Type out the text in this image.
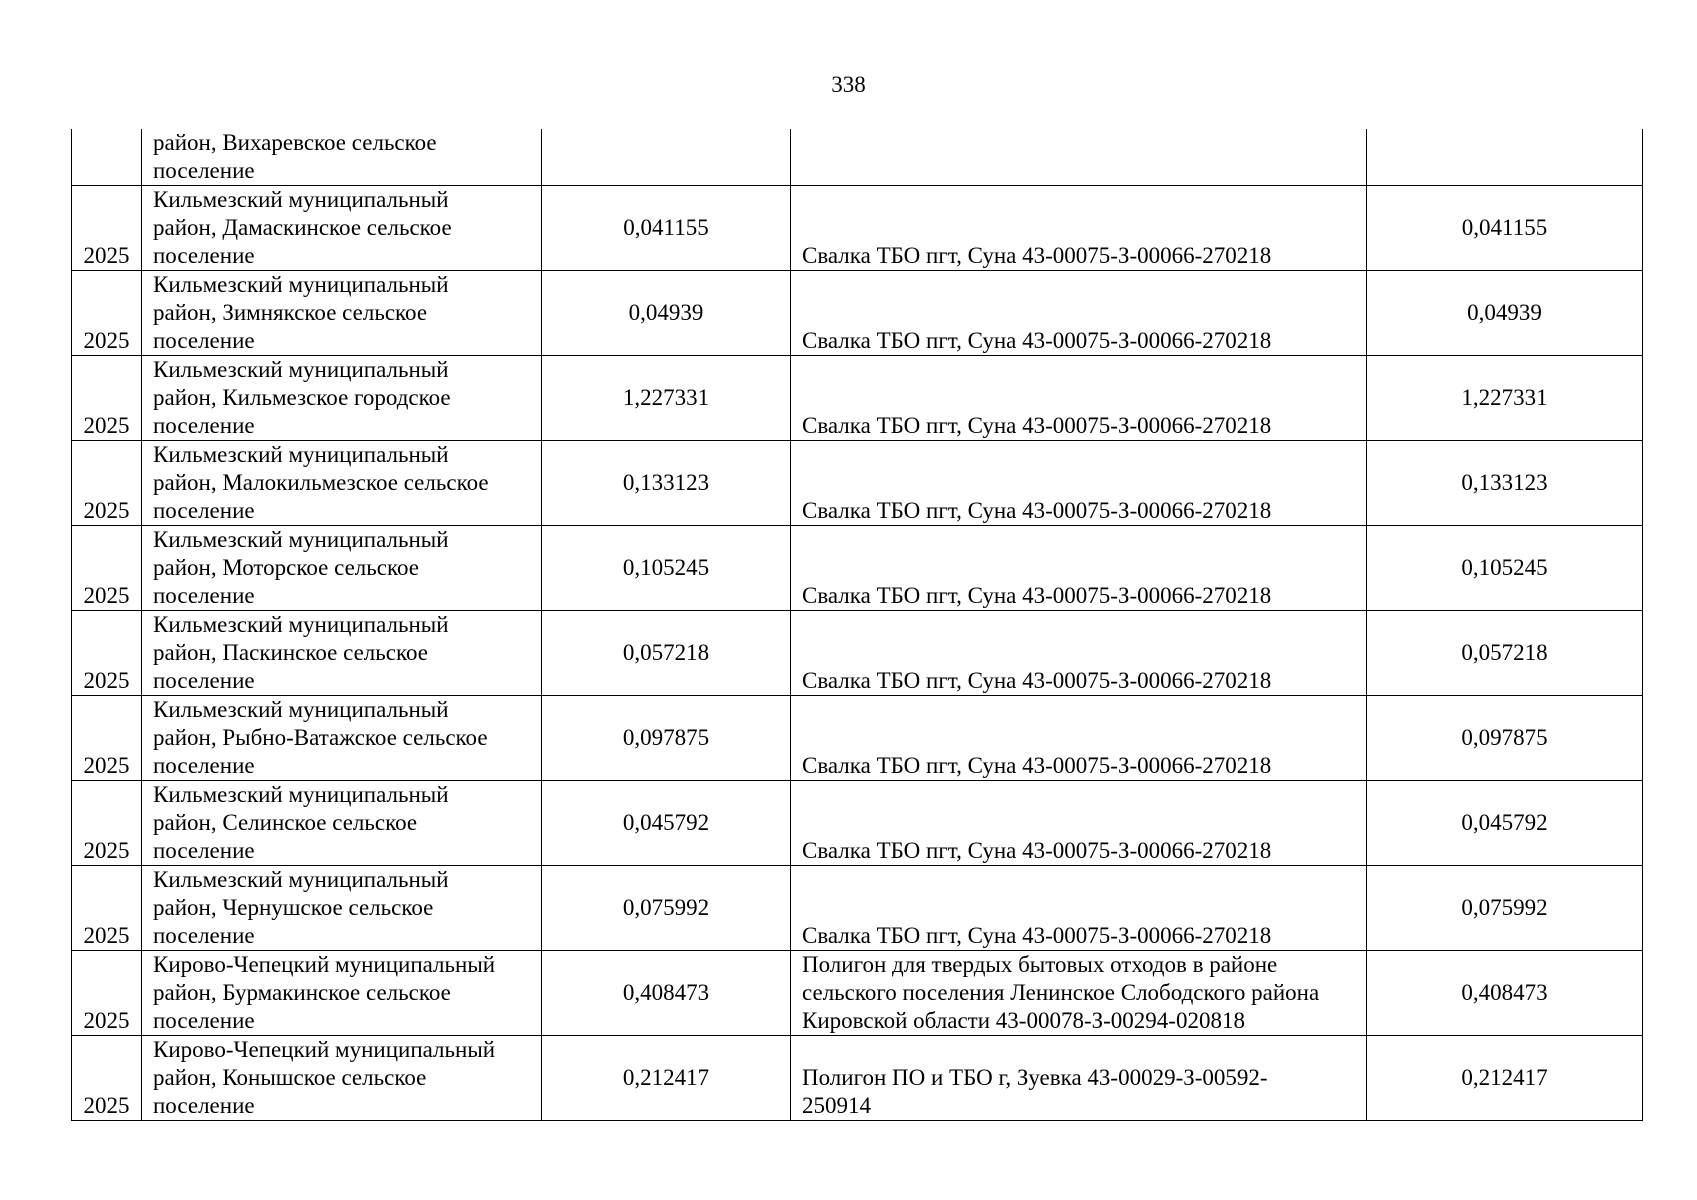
338

	район, Вихаревское сельское
поселение			

2025	Кильмезский муниципальный
район, Дамаскинское сельское
поселение	0,041155	Свалка ТБО пгт, Суна 43-00075-З-00066-270218	0,041155

2025	Кильмезский муниципальный
район, Зимнякское сельское
поселение	0,04939	Свалка ТБО пгт, Суна 43-00075-З-00066-270218	0,04939

2025	Кильмезский муниципальный
район, Кильмезское городское
поселение	1,227331	Свалка ТБО пгт, Суна 43-00075-З-00066-270218	1,227331

2025	Кильмезский муниципальный
район, Малокильмезское сельское
поселение	0,133123	Свалка ТБО пгт, Суна 43-00075-З-00066-270218	0,133123

2025	Кильмезский муниципальный
район, Моторское сельское
поселение	0,105245	Свалка ТБО пгт, Суна 43-00075-З-00066-270218	0,105245

2025	Кильмезский муниципальный
район, Паскинское сельское
поселение	0,057218	Свалка ТБО пгт, Суна 43-00075-З-00066-270218	0,057218

2025	Кильмезский муниципальный
район, Рыбно-Ватажское сельское
поселение	0,097875	Свалка ТБО пгт, Суна 43-00075-З-00066-270218	0,097875

2025	Кильмезский муниципальный
район, Селинское сельское
поселение	0,045792	Свалка ТБО пгт, Суна 43-00075-З-00066-270218	0,045792

2025	Кильмезский муниципальный
район, Чернушское сельское
поселение	0,075992	Свалка ТБО пгт, Суна 43-00075-З-00066-270218	0,075992

2025	Кирово-Чепецкий муниципальный
район, Бурмакинское сельское
поселение	0,408473	Полигон для твердых бытовых отходов в районе
сельского поселения Ленинское Слободского района
Кировской области 43-00078-З-00294-020818	0,408473

2025	Кирово-Чепецкий муниципальный
район, Конышское сельское
поселение	0,212417	Полигон ПО и ТБО г, Зуевка 43-00029-З-00592-
250914	0,212417
